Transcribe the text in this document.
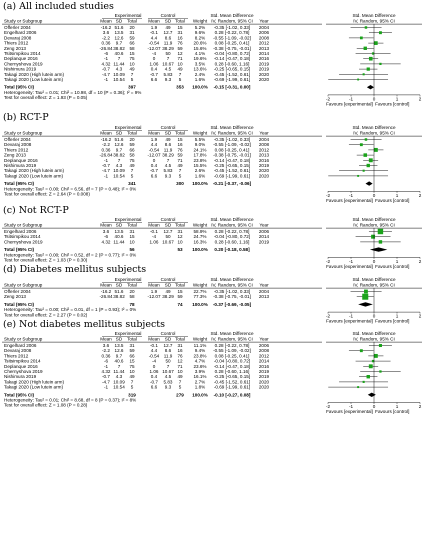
(a) All included studies
(b) RCT-P
(c) Not RCT-P
(d) Diabetes mellitus subjects
(e) Not diabetes mellitus subjects
Experimental	Control	Std. Mean Difference	Std. Mean Difference
Study or Subgroup	Mean SD Total Mean SD Total Weight IV, Random, 95% CI Year	IV, Random, 95% CI
Offerler 2004	-16.2 51.6 20	1.9 49 15	5.2% -0.35 [-1.02, 0.33] 2004
Engelhard 2006	3.6 13.5 31	-0.1 12.7 31	9.6% 0.28 [-0.22, 0.78] 2006
Devaraj 2008	-2.2 12.6 59	4.4 8.6 16	8.2% -0.55 [-1.09, -0.02] 2008
Thiers 2012	0.36 9.7 66	-0.54 11.9 76 20.6% 0.08 [-0.25, 0.41] 2012
Zeng 2013	-26.84 38.82 58	-12.07 38.29 59 15.6% -0.38 [-0.75, -0.01] 2013
Tsitsimpikou 2014	-6 40.6 15	-4 50 12	4.1% -0.04 [-0.80, 0.72] 2014
Deplanque 2016	-1 7 75	0 7 71 19.6% -0.14 [-0.47, 0.18] 2016
Chernyshova 2019	4.32 11.44 10	1.06 10.67 10	3.5% 0.28 [-0.60, 1.16] 2019
Nishimura 2019	-0.7 4.3 49	0.4 4.5 49 13.6% -0.25 [-0.65, 0.15] 2019
Takagi 2020 (High lutein arm)	-4.7 10.09 7	-0.7 5.83 7	2.4% -0.45 [-1.52, 0.61] 2020
Takagi 2020 (Low lutein arm)	-1 10.54 5	6.6 9.3 5	1.6% -0.69 [-1.99, 0.61] 2020
Total (95% CI)	397	353 100.0% -0.15 [-0.31, 0.00]
Heterogeneity: Tau² = 0.01; Chi² = 10.98, df = 10 (P = 0.36); I² = 9%
Test for overall effect: Z = 1.93 (P = 0.05)	-2	-1	0	1	2
Favours [experimental] Favours [control]
Experimental	Control	Std. Mean Difference	Std. Mean Difference
Study or Subgroup	Mean SD Total Mean SD Total Weight IV, Random, 95% CI Year	IV, Random, 95% CI
Offerler 2004	-16.2 51.6 20	1.9 49 15	5.5% -0.35 [-1.02, 0.33] 2004
Devaraj 2008	-2.2 12.6 59	4.4 8.6 16	9.0% -0.55 [-1.09, -0.02] 2008
Thiers 2012	0.36 9.7 66	-0.54 11.9 76 24.1% 0.08 [-0.25, 0.41] 2012
Zeng 2013	-26.84 38.82 58	-12.07 38.29 59 17.8% -0.38 [-0.75, -0.01] 2013
Deplanque 2016	-1 7 75	0 7 71 23.8% -0.14 [-0.47, 0.18] 2016
Nishimura 2019	-0.7 4.3 49	0.4 4.5 49 15.5% -0.25 [-0.65, 0.15] 2019
Takagi 2020 (High lutein arm)	-4.7 10.09 7	-0.7 5.83 7	2.6% -0.45 [-1.52, 0.61] 2020
Takagi 2020 (Low lutein arm)	-1 10.54 5	6.6 9.3 5	1.6% -0.69 [-1.99, 0.61] 2020
Total (95% CI)	341	300 100.0% -0.21 [-0.37, -0.06]
Heterogeneity: Tau² = 0.00; Chi² = 6.56, df = 7 (P = 0.48); I² = 0%
Test for overall effect: Z = 2.64 (P = 0.008)	-2	-1	0	1	2
Favours [experimental] Favours [control]
Experimental	Control	Std. Mean Difference	Std. Mean Difference
Study or Subgroup	Mean SD Total Mean SD Total Weight IV, Random, 95% CI Year	IV, Random, 95% CI
Engelhard 2006	3.6 13.5 31	-0.1 12.7 31 58.9% 0.28 [-0.22, 0.78] 2006
Tsitsimpikou 2014	-6 40.6 15	-4 50 12 24.7% -0.04 [-0.80, 0.72] 2014
Chernyshova 2019	4.32 11.44 10	1.06 10.67 10 16.3% 0.28 [-0.60, 1.16] 2019
Total (95% CI)	56	53 100.0% 0.20 [-0.18, 0.58]
Heterogeneity: Tau² = 0.00; Chi² = 0.52, df = 2 (P = 0.77); I² = 0%
Test for overall effect: Z = 1.03 (P = 0.30)	-2	-1	0	1	2
Favours [experimental] Favours [control]
Experimental	Control	Std. Mean Difference	Std. Mean Difference
Study or Subgroup	Mean SD Total Mean SD Total Weight IV, Random, 95% CI Year	IV, Random, 95% CI
Offerler 2004	-16.2 51.6 20	1.9 49 15 22.7% -0.35 [-1.02, 0.33] 2004
Zeng 2013	-26.84 38.82 58	-12.07 38.29 59 77.3% -0.38 [-0.75, -0.01] 2013
Total (95% CI)	78	74 100.0% -0.37 [-0.69, -0.05]
Heterogeneity: Tau² = 0.00; Chi² = 0.01, df = 1 (P = 0.93); I² = 0%
Test for overall effect: Z = 2.27 (P = 0.02)	-2	-1	0	1	2
Favours [experimental] Favours [control]
Experimental	Control	Std. Mean Difference	Std. Mean Difference
Study or Subgroup	Mean SD Total Mean SD Total Weight IV, Random, 95% CI Year	IV, Random, 95% CI
Engelhard 2006	3.6 13.5 31	-0.1 12.7 31 11.1% 0.28 [-0.22, 0.78] 2006
Devaraj 2008	-2.2 12.6 59	4.4 8.6 16	9.4% -0.55 [-1.09, -0.02] 2008
Thiers 2012	0.36 9.7 66	-0.54 11.9 76 23.8% 0.08 [-0.25, 0.41] 2012
Tsitsimpikou 2014	-6 40.6 15	-4 50 12	4.7% -0.04 [-0.80, 0.72] 2014
Deplanque 2016	-1 7 75	0 7 71 23.6% -0.14 [-0.47, 0.18] 2016
Chernyshova 2019	4.32 11.44 10	1.06 10.67 10	3.9% 0.28 [-0.60, 1.16] 2019
Nishimura 2019	-0.7 4.3 49	0.4 4.5 49 16.1% -0.25 [-0.65, 0.15] 2019
Takagi 2020 (High lutein arm)	-4.7 10.09 7	-0.7 5.83 7	2.7% -0.45 [-1.52, 0.61] 2020
Takagi 2020 (Low lutein arm)	-1 10.54 5	6.6 9.3 5	1.8% -0.69 [-1.99, 0.61] 2020
Total (95% CI)	319	279 100.0% -0.10 [-0.27, 0.08]
Heterogeneity: Tau² = 0.01; Chi² = 8.68, df = 8 (P = 0.37); I² = 8%
Test for overall effect: Z = 1.08 (P = 0.28)	-2	-1	0	1	2
Favours [experimental] Favours [control]
